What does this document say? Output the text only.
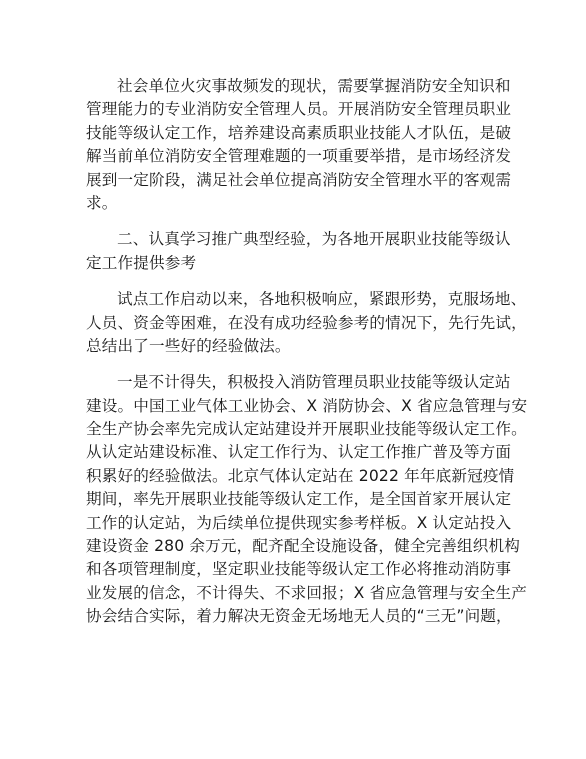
社会单位火灾事故频发的现状，需要掌握消防安全知识和
管理能力的专业消防安全管理人员。开展消防安全管理员职业
技能等级认定工作，培养建设高素质职业技能人才队伍，是破
解当前单位消防安全管理难题的一项重要举措，是市场经济发
展到一定阶段，满足社会单位提高消防安全管理水平的客观需
求。
二、认真学习推广典型经验，为各地开展职业技能等级认
定工作提供参考
试点工作启动以来，各地积极响应，紧跟形势，克服场地、
人员、资金等困难，在没有成功经验参考的情况下，先行先试，
总结出了一些好的经验做法。
一是不计得失，积极投入消防管理员职业技能等级认定站
建设。中国工业气体工业协会、X 消防协会、X 省应急管理与安
全生产协会率先完成认定站建设并开展职业技能等级认定工作。
从认定站建设标准、认定工作行为、认定工作推广普及等方面
积累好的经验做法。北京气体认定站在 2022 年年底新冠疫情
期间，率先开展职业技能等级认定工作，是全国首家开展认定
工作的认定站，为后续单位提供现实参考样板。X 认定站投入
建设资金 280 余万元，配齐配全设施设备，健全完善组织机构
和各项管理制度，坚定职业技能等级认定工作必将推动消防事
业发展的信念，不计得失、不求回报；X 省应急管理与安全生产
协会结合实际，着力解决无资金无场地无人员的“三无”问题，
